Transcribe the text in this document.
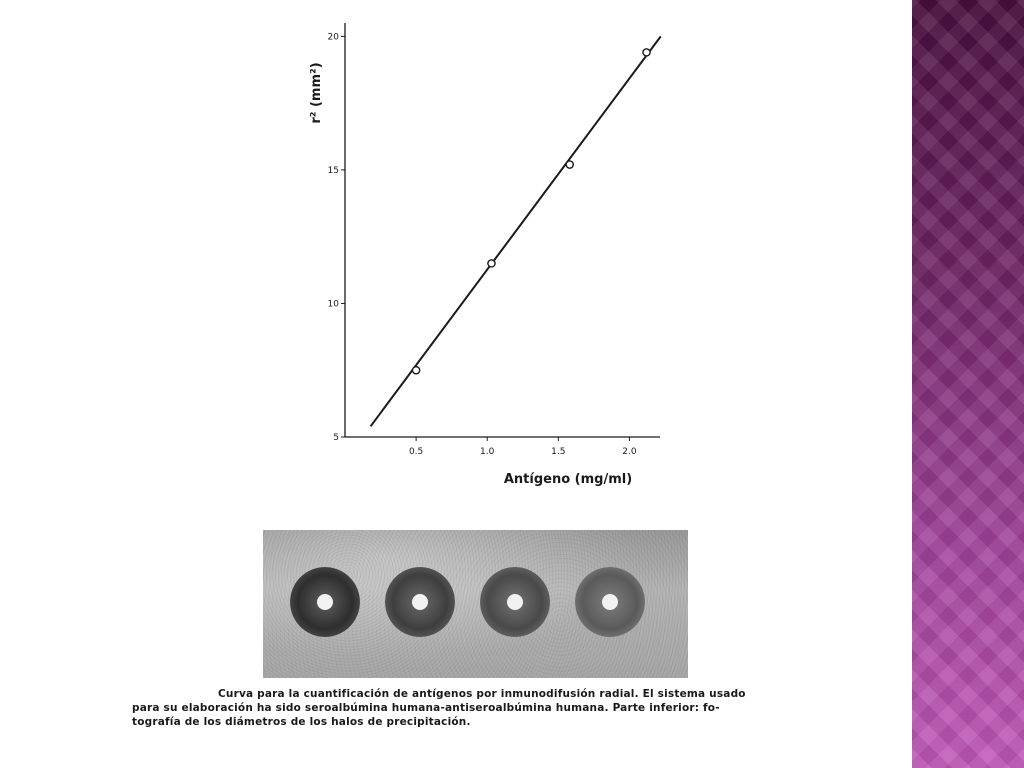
5
10
15
20
0.5	1.0	1.5	2.0
r² (mm²)
Antígeno (mg/ml)
Curva para la cuantificación de antígenos por inmunodifusión radial. El sistema usado
para su elaboración ha sido seroalbúmina humana-antiseroalbúmina humana. Parte inferior: fo-
tografía de los diámetros de los halos de precipitación.
